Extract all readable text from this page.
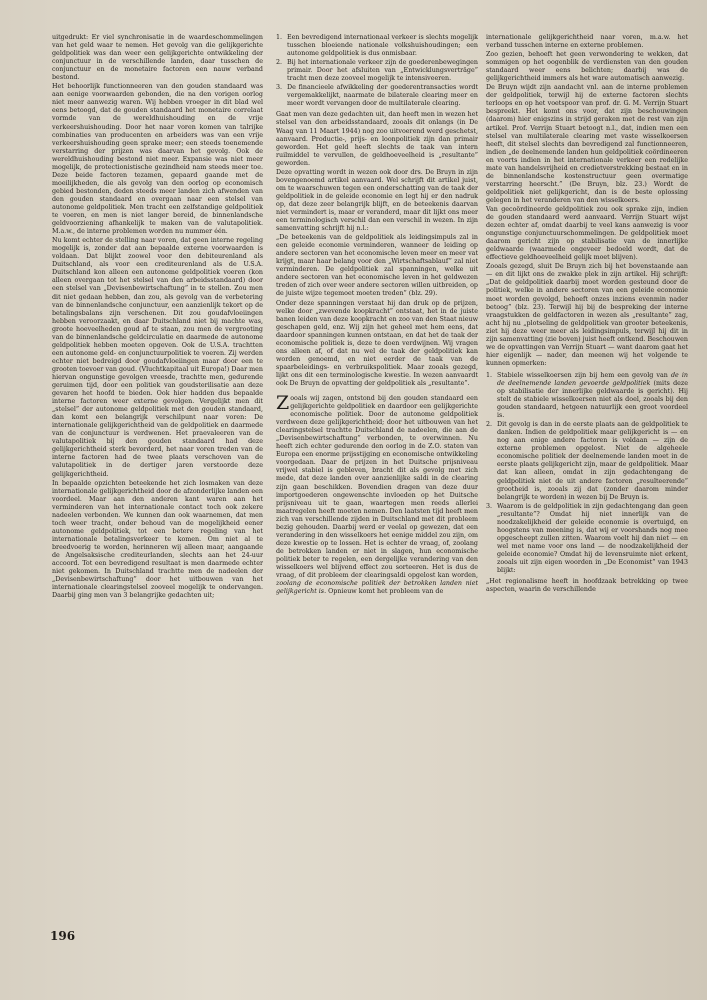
uitgedrukt: Er viel synchronisatie in de waardeschommelingen van het geld waar te nemen. Het gevolg van die gelijkgerichte geldpolitiek was dan weer een gelijkgerichte ontwikkeling der conjunctuur in de verschillende landen, daar tusschen de conjunctuur en de monetaire factoren een nauw verband bestond.

Het behoorlijk functionneeren van den gouden standaard was aan eenige voorwaarden gebonden, die na den vorigen oorlog niet meer aanwezig waren. Wij hebben vroeger in dit blad wel eens betoogd, dat de gouden standaard het monetaire correlaat vormde van de wereldhuishouding en de vrije verkeershuishouding. Door het naar voren komen van talrijke combinaties van producenten en arbeiders was van een vrije verkeershuishouding geen sprake meer; een steeds toenemende verstarring der prijzen was daarvan het gevolg. Ook de wereldhuishouding bestond niet meer. Expansie was niet meer mogelijk, de protectionistische gezindheid nam steeds meer toe. Deze beide factoren tezamen, gepaard gaande met de moeilijkheden, die als gevolg van den oorlog op economisch gebied bestonden, deden steeds meer landen zich afwenden van den gouden standaard en overgaan naar een stelsel van autonome geldpolitiek. Men tracht een zelfstandige geldpolitiek te voeren, en men is niet langer bereid, de binnenlandsche geldvoorziening afhankelijk te maken van de valutapolitiek. M.a.w., de interne problemen worden nu nummer één.

Nu komt echter de stelling naar voren, dat geen interne regeling mogelijk is, zonder dat aan bepaalde externe voorwaarden is voldaan. Dat blijkt zoowel voor den debiteurenland als Duitschland, als voor een crediteurenland als de U.S.A. Duitschland kon alleen een autonome geldpolitiek voeren (kon alleen overgaan tot het stelsel van den arbeidsstandaard) door een stelsel van „Devisenbewirtschaftung” in te stellen. Zou men dit niet gedaan hebben, dan zou, als gevolg van de verbetering van de binnenlandsche conjunctuur, een aanzienlijk tekort op de betalingsbalans zijn verschenen. Dit zou goudafvloeiingen hebben veroorzaakt, en daar Duitschland niet bij machte was, groote hoeveelheden goud af te staan, zou men de vergrooting van de binnenlandsche geldcirculatie en daarmede de autonome geldpolitiek hebben moeten opgeven. Ook de U.S.A. trachtten een autonome geld- en conjunctuurpolitiek te voeren. Zij werden echter niet bedreigd door goudafvloeiingen maar door een te grooten toevoer van goud. (Vluchtkapitaal uit Europa!) Daar men hiervan ongunstige gevolgen vreesde, trachtte men, gedurende geruimen tijd, door een politiek van goudsterilisatie aan deze gevaren het hoofd te bieden. Ook hier hadden dus bepaalde interne factoren weer externe gevolgen. Vergelijkt men dit „stelsel” der autonome geldpolitiek met den gouden standaard, dan komt een belangrijk verschilpunt naar voren: De internationale gelijkgerichtheid van de geldpolitiek en daarmede van de conjunctuur is verdwenen. Het praevaleeren van de valutapolitiek bij den gouden standaard had deze gelijkgerichtheid sterk bevorderd, het naar voren treden van de interne factoren had de twee plaats verschoven van de valutapolitiek in de dertiger jaren verstoorde deze gelijkgerichtheid.

In bepaalde opzichten beteekende het zich losmaken van deze internationale gelijkgerichtheid door de afzonderlijke landen een voordeel. Maar aan den anderen kant waren aan het verminderen van het internationale contact toch ook zekere nadeelen verbonden. We kunnen dan ook waarnemen, dat men toch weer tracht, onder behoud van de mogelijkheid eener autonome geldpolitiek, tot een betere regeling van het internationale betalingsverkeer te komen. Om niet al te breedvoerig te worden, herinneren wij alleen maar, aangaande de Angelsaksische crediteurlanden, slechts aan het 24-uur accoord. Tot een bevredigend resultaat is men daarmede echter niet gekomen. In Duitschland trachtte men de nadeelen der „Devisenbewirtschaftung” door het uitbouwen van het internationale clearingstelsel zooveel mogelijk te ondervangen. Daarbij ging men van 3 belangrijke gedachten uit;

1. Een bevredigend internationaal verkeer is slechts mogelijk tusschen bloeiende nationale volkshuishoudingen; een autonome geldpolitiek is dus onmisbaar.
2. Bij het internationale verkeer zijn de goederenbewegingen primair. Door het afsluiten van „Entwicklungsverträge” tracht men deze zooveel mogelijk te intensiveeren.
3. De financieele afwikkeling der goederentransacties wordt vergemakkelijkt, naarmate de bilaterale clearing meer en meer wordt vervangen door de multilaterale clearing.

Gaat men van deze gedachten uit, dan heeft men in wezen het stelsel van den arbeidsstandaard, zooals dit onlangs (in De Waag van 11 Maart 1944) nog zoo uitvoerend werd geschetst, aanvaard. Productie-, prijs- en loonpolitiek zijn dan primair geworden. Het geld heeft slechts de taak van intern ruilmiddel te vervullen, de geldhoeveelheid is „resultante” geworden.

Deze opvatting wordt in wezen ook door drs. De Bruyn in zijn bovengenoemd artikel aanvaard. Wel schrijft dit artikel juist, om te waarschuwen tegen een onderschatting van de taak der geldpolitiek in de geleide economie en legt hij er den nadruk op, dat deze zeer belangrijk blijft, en de beteekenis daarvan niet vermindert is, maar er veranderd, maar dit lijkt ons meer een terminologisch verschil dan een verschil in wezen. In zijn samenvatting schrijft hij n.l.:

„De beteekenis van de geldpolitiek als leidingsimpuls zal in een geleide economie verminderen, wanneer de leiding op andere sectoren van het economische leven meer en meer vat krijgt, maar haar belang voor den „Wirtschaftsablauf” zal niet verminderen. De geldpolitiek zal spanningen, welke uit andere sectoren van het economische leven in het geldwezen treden of zich over weer andere sectoren willen uitbreiden, op de juiste wijze tegemoet moeten treden” (blz. 29).

Onder deze spanningen verstaat hij dan druk op de prijzen, welke door „zwevende koopkracht” ontstaat, het in de juiste banen leiden van deze koopkracht en zoo van den Staat nieuw geschapen geld, enz. Wij zijn het geheel met hem eens, dat daardoor spanningen kunnen ontstaan, en dat het de taak der economische politiek is, deze te doen verdwijnen. Wij vragen ons alleen af, of dat nu wel de taak der geldpolitiek kan worden genoemd, en niet eerder de taak van de spaarbeleidings- en verbruikspolitiek. Maar zooals gezegd, lijkt ons dit een terminologische kwestie. In wezen aanvaardt ook De Bruyn de opvatting der geldpolitiek als „resultante”.

Zooals wij zagen, ontstond bij den gouden standaard een gelijkgerichte geldpolitiek en daardoor een gelijkgerichte economische politiek. Door de autonome geldpolitiek verdween deze gelijkgerichtheid; door het uitbouwen van het clearingstelsel trachtte Duitschland de nadeelen, die aan de „Devisenbewirtschaftung” verbonden, te overwinnen. Nu heeft zich echter gedurende den oorlog in de Z.O. staten van Europa een enorme prijsstijging en economische ontwikkeling voorgedaan. Daar de prijzen in het Duitsche prijsniveau vrijwel stabiel is gebleven, bracht dit als gevolg met zich mede, dat deze landen over aanzienlijke saldi in de clearing zijn gaan beschikken. Bovendien dragen van deze duur importgoederen ongewenschte invloeden op het Duitsche prijsniveau uit te gaan, waartegen men reeds allerlei maatregelen heeft moeten nemen. Den laatsten tijd heeft men zich van verschillende zijden in Duitschland met dit probleem bezig gehouden. Daarbij werd er veelal op gewezen, dat een verandering in den wisselkoers het eenige middel zou zijn, om deze kwestie op te lossen. Het is echter de vraag, of, zoolang de betrokken landen er niet in slagen, hun economische politiek beter te regelen, een dergelijke verandering van den wisselkoers wel blijvend effect zou sorteeren. Het is dus de vraag, of dit probleem der clearingsaldi opgelost kan worden, zoolang de economische politiek der betrokken landen niet gelijkgericht is. Opnieuw komt het probleem van de

internationale gelijkgerichtheid naar voren, m.a.w. het verband tusschen interne en externe problemen.

Zoo gezien, behoeft het geen verwondering te wekken, dat sommigen op het oogenblik de verdiensten van den gouden standaard weer eens belichten; daarbij was de gelijkgerichtheid immers als het ware automatisch aanwezig.

De Bruyn wijdt zijn aandacht vnl. aan de interne problemen der geldpolitiek, terwijl hij de externe factoren slechts terloops en op het voetspoor van prof. dr. G. M. Verrijn Stuart bespreekt. Het komt ons voor, dat zijn beschouwingen (daarom) hier enigszins in strijd geraken met de rest van zijn artikel. Prof. Verrijn Stuart betoogt n.l., dat, indien men een stelsel van multilaterale clearing met vaste wisselkoersen heeft, dit stelsel slechts dan bevredigend zal functionneeren, indien „de deelnemende landen hun geldpolitiek coördineeren en voorts indien in het internationale verkeer een redelijke mate van handelsvrijheid en credietverstrekking bestaat en in de binnenlandsche kostenstructuur geen overmatige verstarring heerscht.” (De Bruyn, blz. 23.) Wordt de geldpolitiek niet gelijkgericht, dan is de beste oplossing gelegen in het veranderen van den wisselkoers.

Van gecoördineerde geldpolitiek zou ook sprake zijn, indien de gouden standaard werd aanvaard. Verrijn Stuart wijst dezen echter af, omdat daarbij te veel kans aanwezig is voor ongunstige conjunctuurschommelingen. De geldpolitiek moet daarom gericht zijn op stabilisatie van de innerlijke geldwaarde (waarmede ongeveer bedoeld wordt, dat de effectieve geldhoeveelheid gelijk moet blijven).

Zooals gezegd, sluit De Bruyn zich bij het bovenstaande aan — en dit lijkt ons de zwakke plek in zijn artikel. Hij schrijft: „Dat de geldpolitiek daarbij moet worden gesteund door de politiek, welke in andere sectoren van een geleide economie moet worden gevolgd, behoeft onzes inziens evenmin nader betoog” (blz. 23). Terwijl hij bij de bespreking der interne vraagstukken de geldfactoren in wezen als „resultante” zag, acht hij nu „plotseling de geldpolitiek van grooter beteekenis, ziet hij deze weer meer als leidingsimpuls, terwijl hij dit in zijn samenvatting (zie boven) juist heeft ontkend. Beschouwen we de opvattingen van Verrijn Stuart — want daarom gaat het hier eigenlijk — nader, dan meenen wij het volgende te kunnen opmerken:

1. Stabiele wisselkoersen zijn bij hem een gevolg van de in de deelnemende landen gevoerde geldpolitiek (mits deze op stabilisatie der innerlijke geldwaarde is gericht). Hij stelt de stabiele wisselkoersen niet als doel, zooals bij den gouden standaard, hetgeen natuurlijk een groot voordeel is.
2. Dit gevolg is dan in de eerste plaats aan de geldpolitiek te danken. Indien de geldpolitiek maar gelijkgericht is — en nog aan enige andere factoren is voldaan — zijn de externe problemen opgelost. Niet de algeheele economische politiek der deelnemende landen moet in de eerste plaats gelijkgericht zijn, maar de geldpolitiek. Maar dat kan alleen, omdat in zijn gedachtengang de geldpolitiek niet de uit andere factoren „resulteerende” grootheid is, zooals zij dat (zonder daarom minder belangrijk te worden) in wezen bij De Bruyn is.
3. Waarom is de geldpolitiek in zijn gedachtengang dan geen „resultante”? Omdat hij niet innerlijk van de noodzakelijkheid der geleide economie is overtuigd, en hoogstens van meening is, dat wij er voorshands nog mee opgescheept zullen zitten. Waarom voelt hij dan niet — en wel met name voor ons land — de noodzakelijkheid der geleide economie? Omdat hij de levensruimte niet erkent, zooals uit zijn eigen woorden in „De Economist” van 1943 blijkt:

„Het regionalisme heeft in hoofdzaak betrekking op twee aspecten, waarin de verschillende

196
